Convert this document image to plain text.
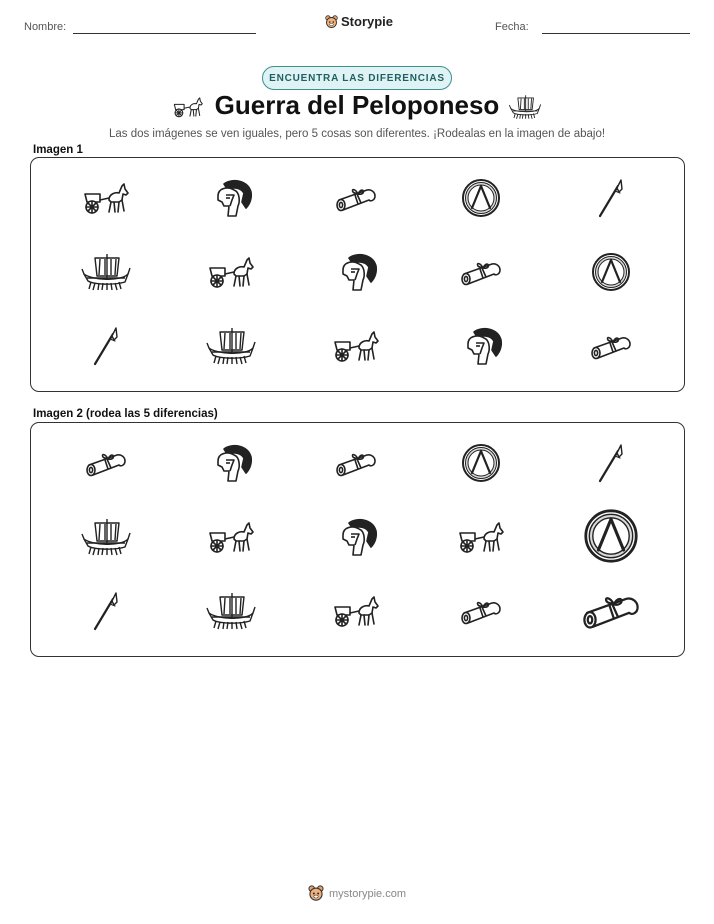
Nombre:	Storypie	Fecha:
ENCUENTRA LAS DIFERENCIAS
Guerra del Peloponeso
Las dos imágenes se ven iguales, pero 5 cosas son diferentes. ¡Rodealas en la imagen de abajo!
Imagen 1
Imagen 2 (rodea las 5 diferencias)
mystorypie.com
